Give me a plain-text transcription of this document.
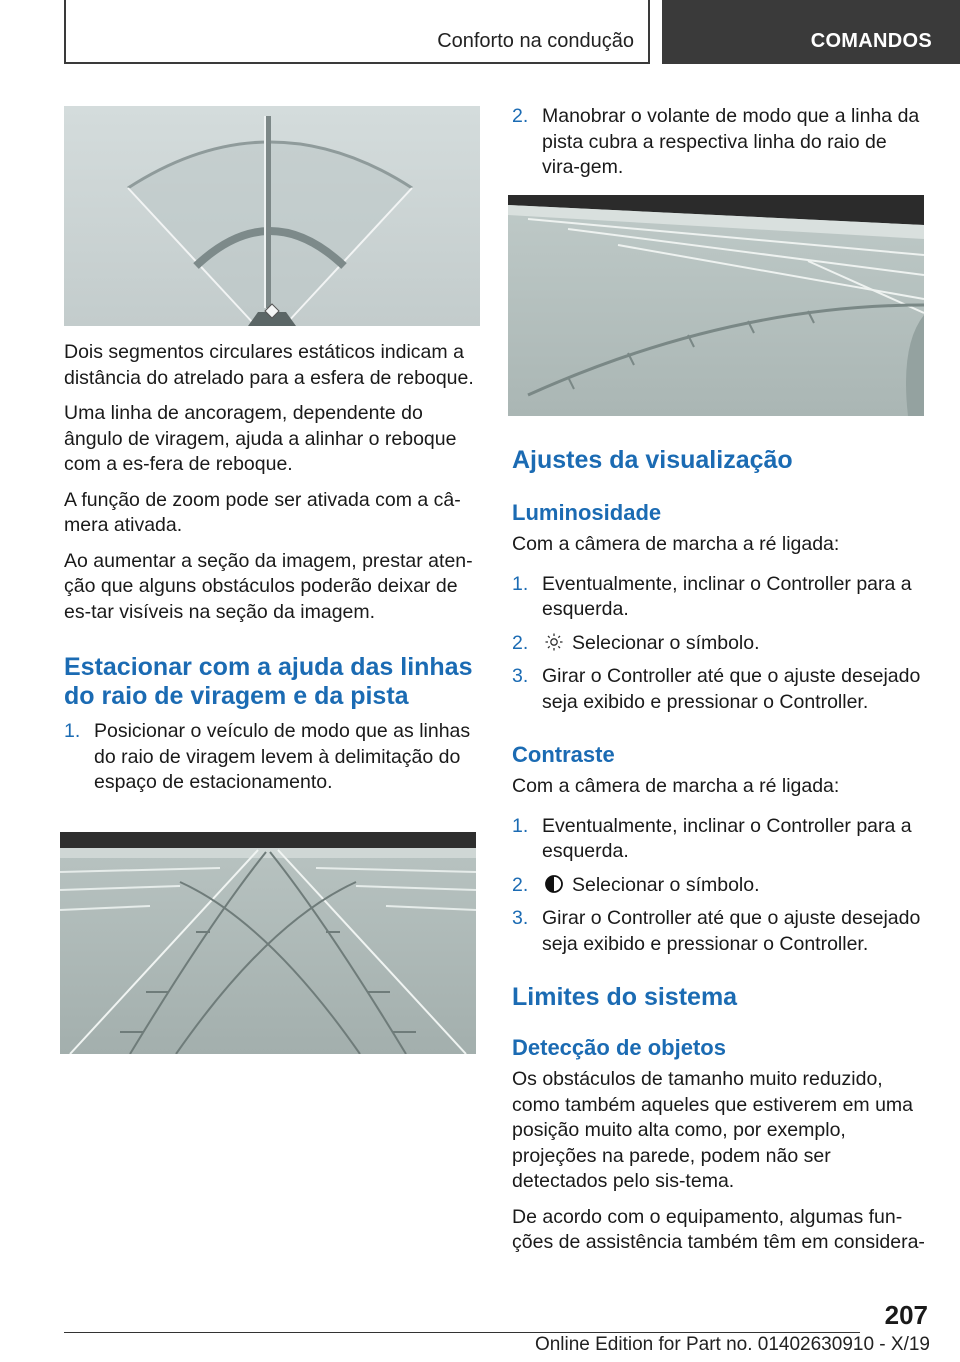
Conforto na condução	COMANDOS

Dois segmentos circulares estáticos indicam a distância do atrelado para a esfera de reboque.

Uma linha de ancoragem, dependente do ângulo de viragem, ajuda a alinhar o reboque com a es-fera de reboque.

A função de zoom pode ser ativada com a câ-mera ativada.

Ao aumentar a seção da imagem, prestar aten-ção que alguns obstáculos poderão deixar de es-tar visíveis na seção da imagem.

Estacionar com a ajuda das linhas do raio de viragem e da pista
1. Posicionar o veículo de modo que as linhas do raio de viragem levem à delimitação do espaço de estacionamento.
2. Manobrar o volante de modo que a linha da pista cubra a respectiva linha do raio de vira-gem.
Ajustes da visualização
Luminosidade

Com a câmera de marcha a ré ligada:

1. Eventualmente, inclinar o Controller para a esquerda.
2. Selecionar o símbolo.
3. Girar o Controller até que o ajuste desejado seja exibido e pressionar o Controller.
Contraste

Com a câmera de marcha a ré ligada:

1. Eventualmente, inclinar o Controller para a esquerda.
2. Selecionar o símbolo.
3. Girar o Controller até que o ajuste desejado seja exibido e pressionar o Controller.
Limites do sistema
Detecção de objetos

Os obstáculos de tamanho muito reduzido, como também aqueles que estiverem em uma posição muito alta como, por exemplo, projeções na parede, podem não ser detectados pelo sis-tema.

De acordo com o equipamento, algumas fun-ções de assistência também têm em considera-

207
Online Edition for Part no. 01402630910 - X/19
